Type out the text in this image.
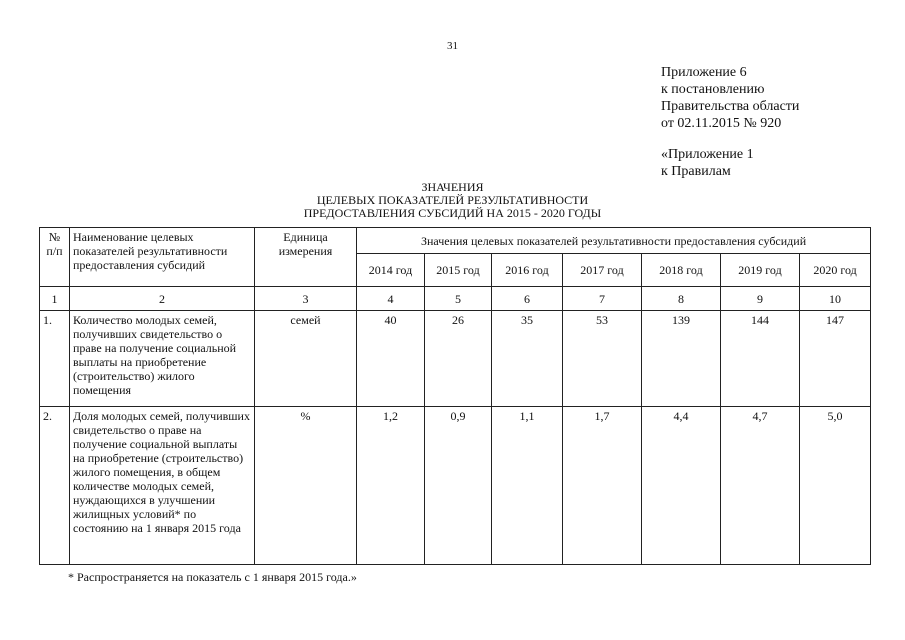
31
Приложение 6
к постановлению
Правительства области
от 02.11.2015 № 920
«Приложение 1
к Правилам
ЗНАЧЕНИЯ
ЦЕЛЕВЫХ ПОКАЗАТЕЛЕЙ РЕЗУЛЬТАТИВНОСТИ
ПРЕДОСТАВЛЕНИЯ СУБСИДИЙ НА 2015 - 2020 ГОДЫ
№ п/п	Наименование целевых показателей результативности предоставления субсидий	Единица измерения	Значения целевых показателей результативности предоставления субсидий						
			2014 год	2015 год	2016 год	2017 год	2018 год	2019 год	2020 год
1	2	3	4	5	6	7	8	9	10
1.	Количество молодых семей, получивших свидетельство о праве на получение социальной выплаты на приобретение (строительство) жилого помещения	семей	40	26	35	53	139	144	147
2.	Доля молодых семей, получивших свидетельство о праве на получение социальной выплаты на приобретение (строительство) жилого помещения, в общем количестве молодых семей, нуждающихся в улучшении жилищных условий* по состоянию на 1 января 2015 года	%	1,2	0,9	1,1	1,7	4,4	4,7	5,0
* Распространяется на показатель с 1 января 2015 года.»
